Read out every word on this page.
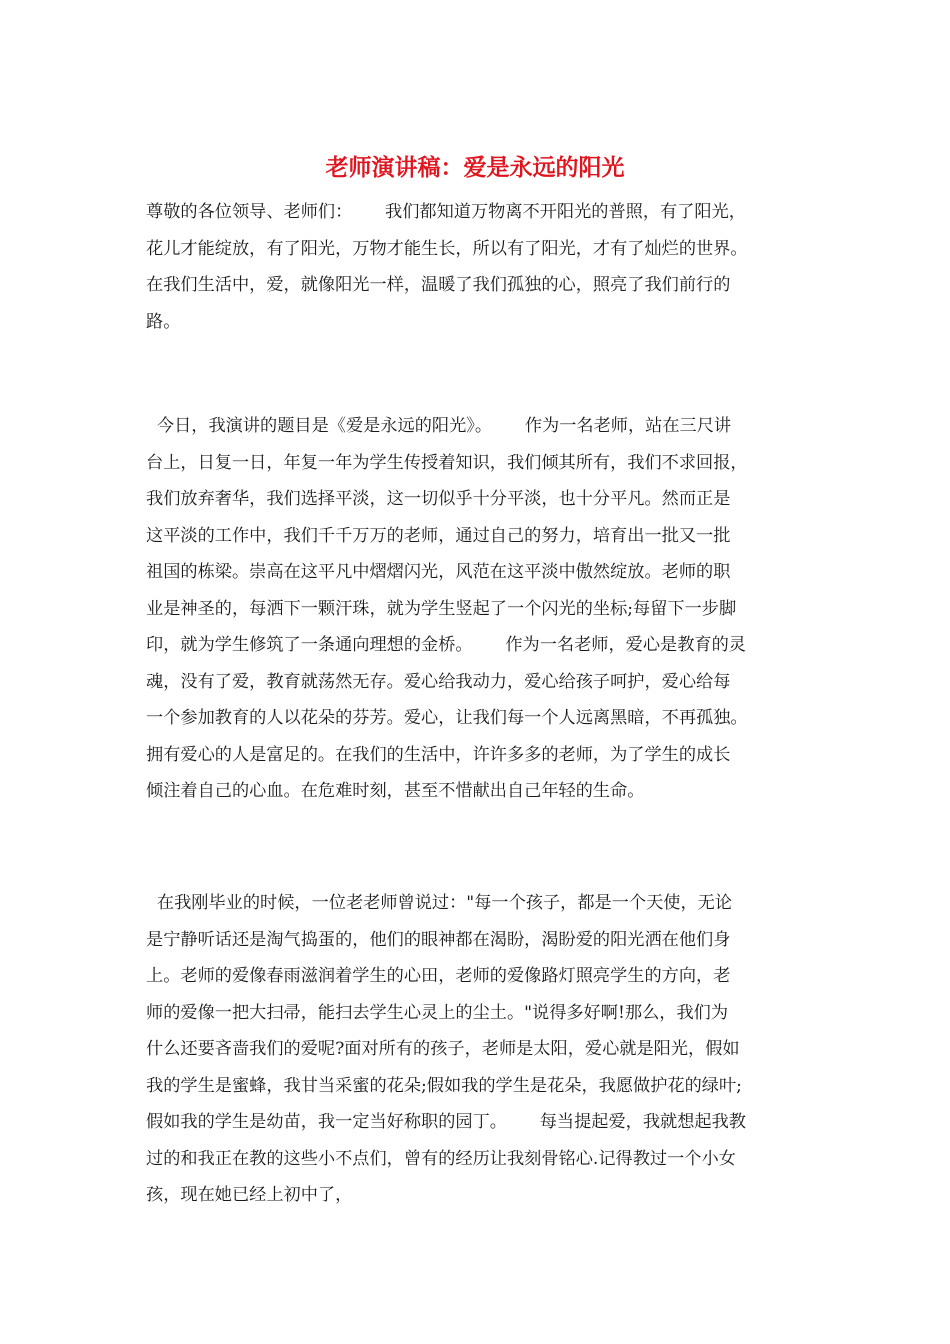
老师演讲稿：爱是永远的阳光
尊敬的各位领导、老师们：      我们都知道万物离不开阳光的普照，有了阳光，
花儿才能绽放，有了阳光，万物才能生长，所以有了阳光，才有了灿烂的世界。
在我们生活中，爱，就像阳光一样，温暖了我们孤独的心，照亮了我们前行的
路。
今日，我演讲的题目是《爱是永远的阳光》。      作为一名老师，站在三尺讲
台上，日复一日，年复一年为学生传授着知识，我们倾其所有，我们不求回报，
我们放弃奢华，我们选择平淡，这一切似乎十分平淡，也十分平凡。然而正是
这平淡的工作中，我们千千万万的老师，通过自己的努力，培育出一批又一批
祖国的栋梁。崇高在这平凡中熠熠闪光，风范在这平淡中傲然绽放。老师的职
业是神圣的，每洒下一颗汗珠，就为学生竖起了一个闪光的坐标;每留下一步脚
印，就为学生修筑了一条通向理想的金桥。      作为一名老师，爱心是教育的灵
魂，没有了爱，教育就荡然无存。爱心给我动力，爱心给孩子呵护，爱心给每
一个参加教育的人以花朵的芬芳。爱心，让我们每一个人远离黑暗，不再孤独。
拥有爱心的人是富足的。在我们的生活中，许许多多的老师，为了学生的成长
倾注着自己的心血。在危难时刻，甚至不惜献出自己年轻的生命。
在我刚毕业的时候，一位老老师曾说过："每一个孩子，都是一个天使，无论
是宁静听话还是淘气捣蛋的，他们的眼神都在渴盼，渴盼爱的阳光洒在他们身
上。老师的爱像春雨滋润着学生的心田，老师的爱像路灯照亮学生的方向，老
师的爱像一把大扫帚，能扫去学生心灵上的尘土。"说得多好啊!那么，我们为
什么还要吝啬我们的爱呢?面对所有的孩子，老师是太阳，爱心就是阳光，假如
我的学生是蜜蜂，我甘当采蜜的花朵;假如我的学生是花朵，我愿做护花的绿叶;
假如我的学生是幼苗，我一定当好称职的园丁。      每当提起爱，我就想起我教
过的和我正在教的这些小不点们，曾有的经历让我刻骨铭心.记得教过一个小女
孩，现在她已经上初中了，
